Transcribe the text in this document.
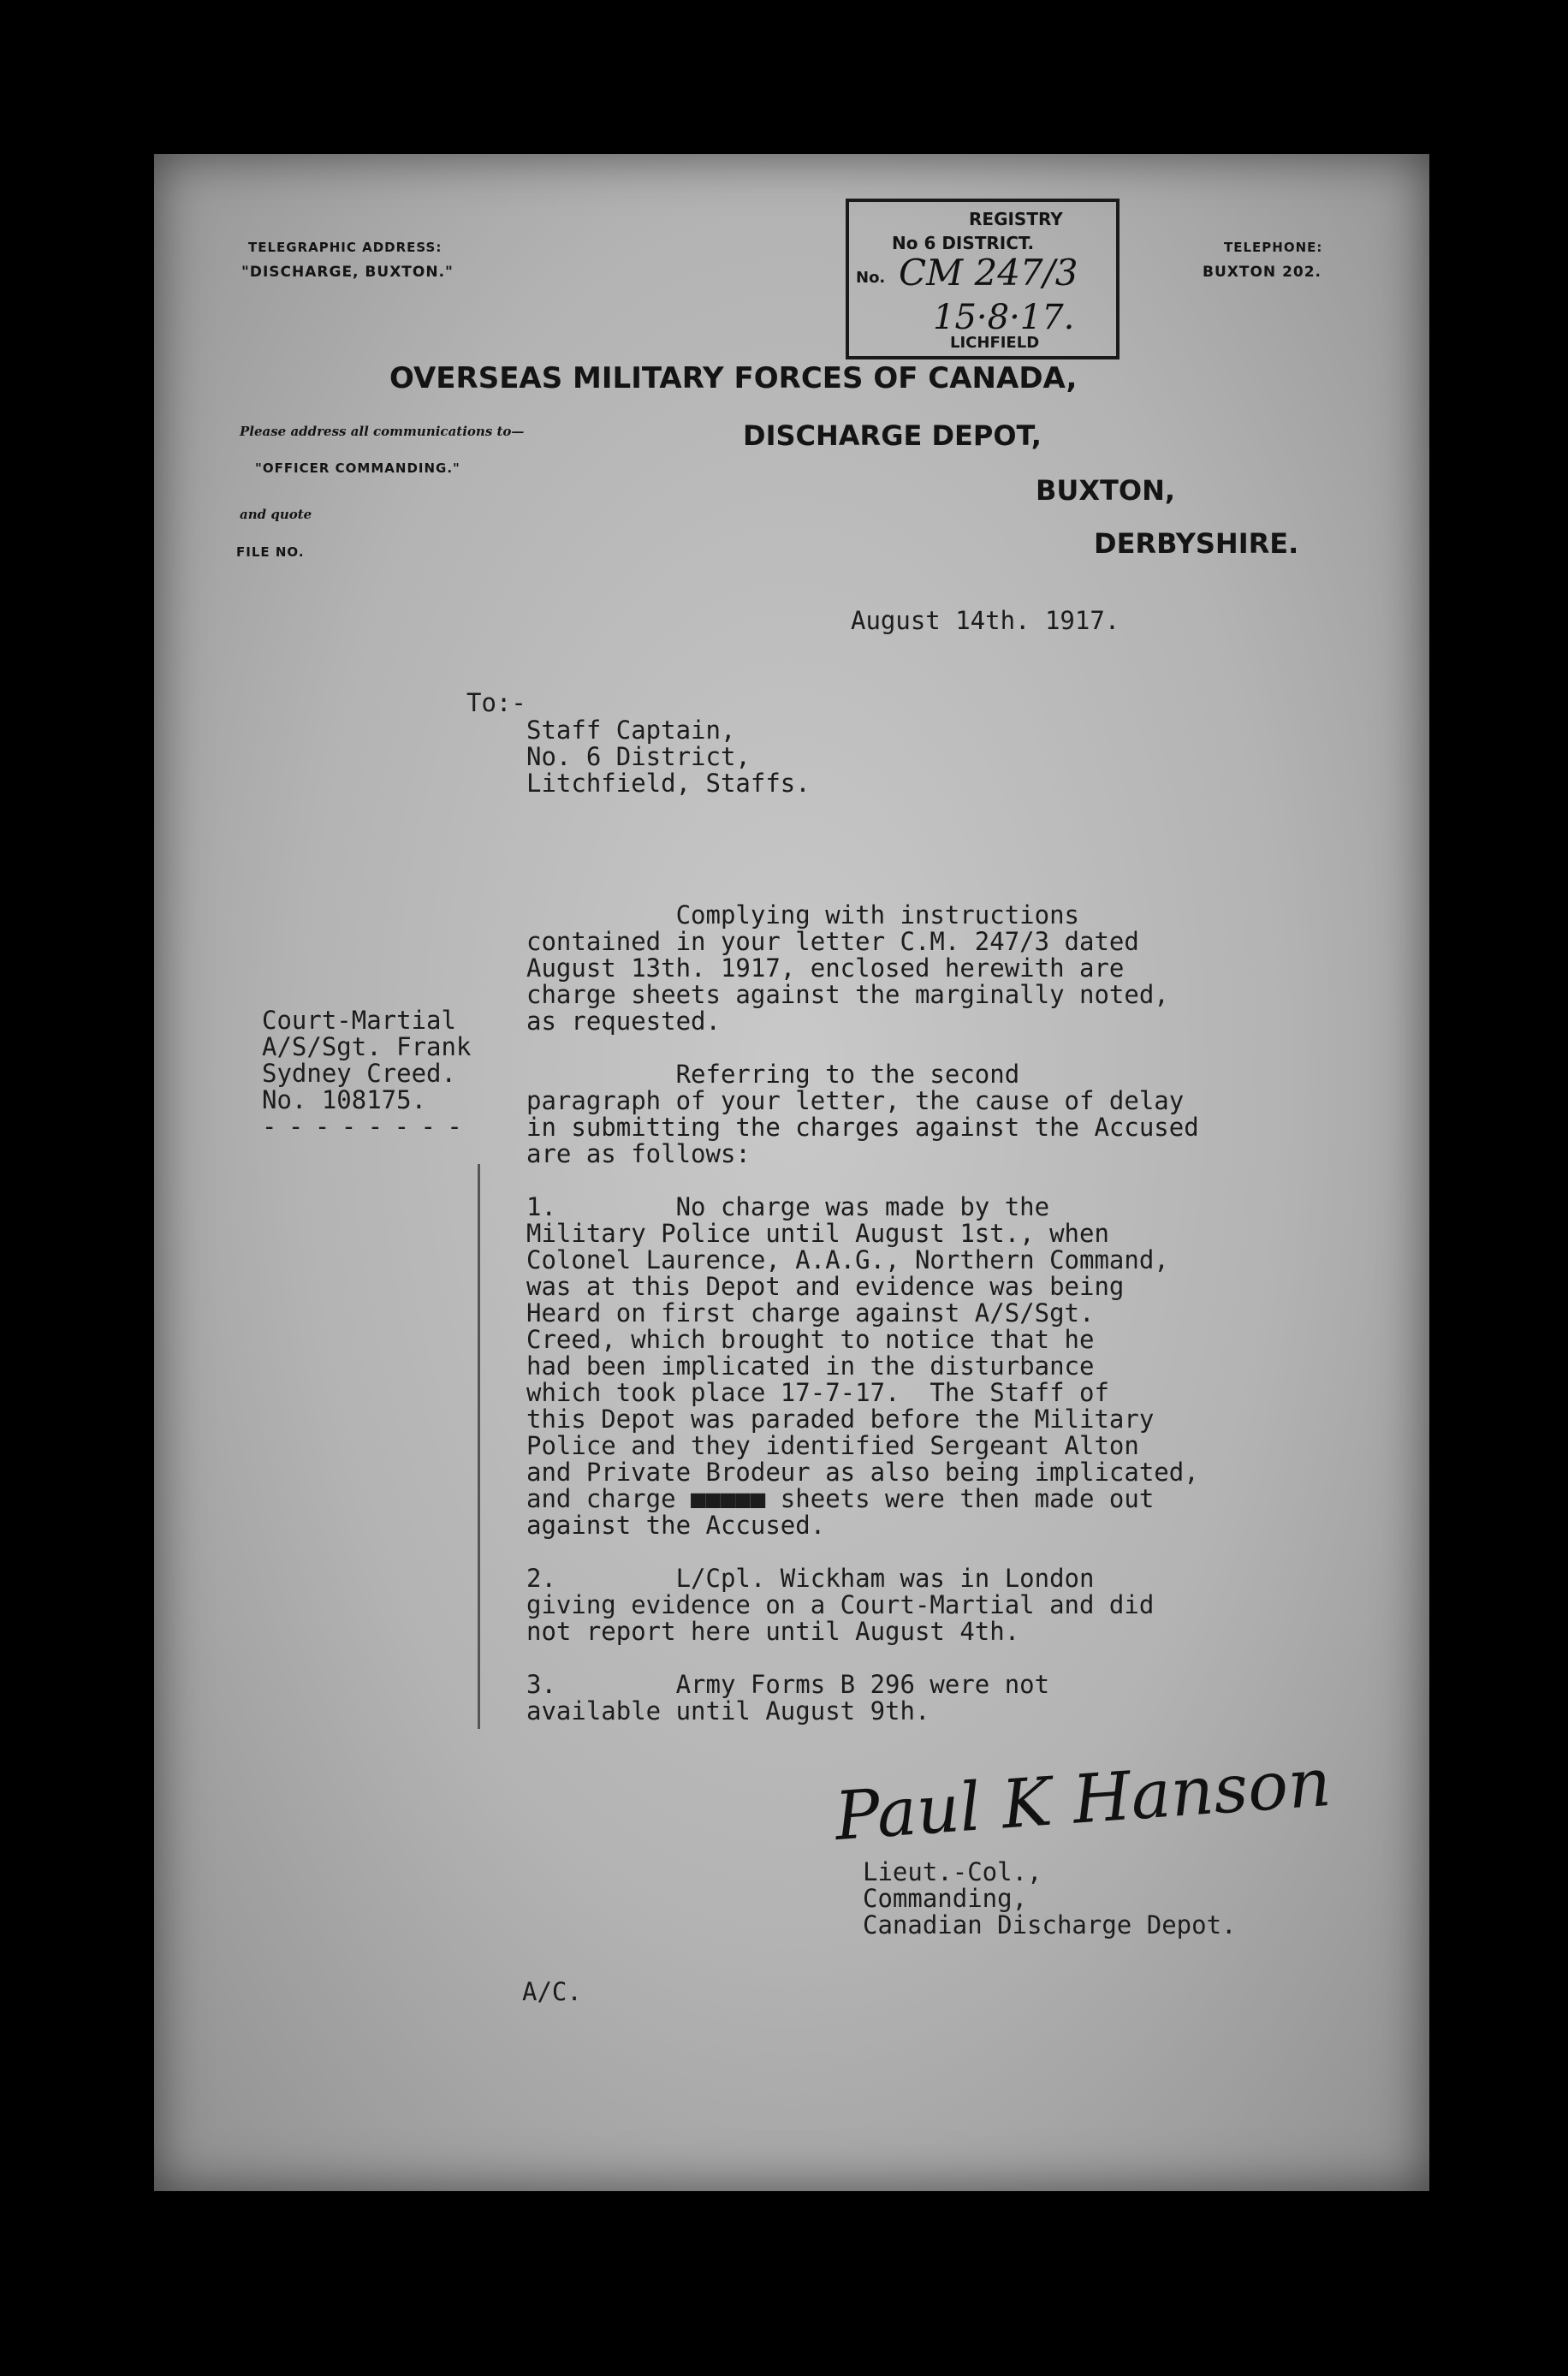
TELEGRAPHIC ADDRESS:
"DISCHARGE, BUXTON."
TELEPHONE:
BUXTON 202.
REGISTRY
No 6 DISTRICT.
No. CM 247/3
15·8·17.
LICHFIELD
OVERSEAS MILITARY FORCES OF CANADA,
DISCHARGE DEPOT,
BUXTON,
DERBYSHIRE.
Please address all communications to—
"OFFICER COMMANDING."
and quote
FILE NO.
August 14th. 1917.
To:-
Staff Captain,
No. 6 District,
Litchfield, Staffs.
Court-Martial
A/S/Sgt. Frank
Sydney Creed.
No. 108175.
- - - - - - - -
Complying with instructions
contained in your letter C.M. 247/3 dated
August 13th. 1917, enclosed herewith are
charge sheets against the marginally noted,
as requested.
Referring to the second
paragraph of your letter, the cause of delay
in submitting the charges against the Accused
are as follows:
1.        No charge was made by the
Military Police until August 1st., when
Colonel Laurence, A.A.G., Northern Command,
was at this Depot and evidence was being
Heard on first charge against A/S/Sgt.
Creed, which brought to notice that he
had been implicated in the disturbance
which took place 17-7-17.  The Staff of
this Depot was paraded before the Military
Police and they identified Sergeant Alton
and Private Brodeur as also being implicated,
and charge ■■■■■ sheets were then made out
against the Accused.
2.        L/Cpl. Wickham was in London
giving evidence on a Court-Martial and did
not report here until August 4th.
3.        Army Forms B 296 were not
available until August 9th.
Paul K Hanson
Lieut.-Col.,
Commanding,
Canadian Discharge Depot.
A/C.
